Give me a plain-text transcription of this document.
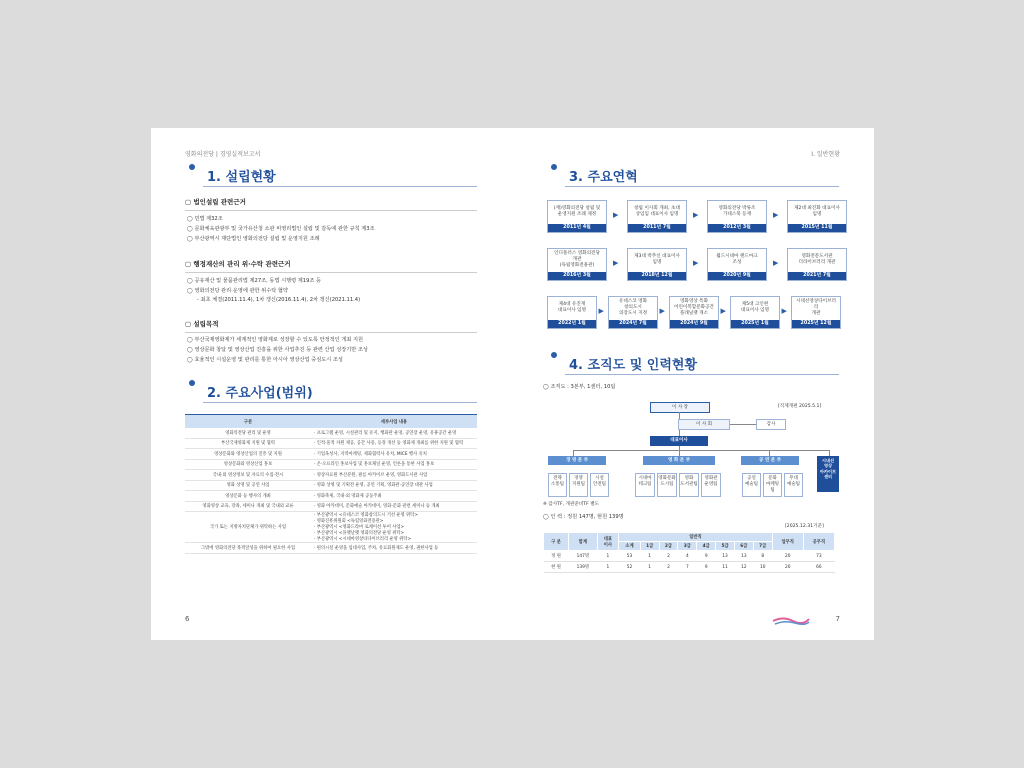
영화의전당 | 경영실적보고서
1. 설립현황
▢ 법인설립 관련근거
◯ 민법 제32조
◯ 문화체육관광부 및 국가유산청 소관 비영리법인 설립 및 감독에 관한 규칙 제3조
◯ 부산광역시 재단법인 영화의전당 설립 및 운영지원 조례
▢ 행정재산의 관리 위·수탁 관련근거
◯ 공유재산 및 물품관리법 제27조, 동법 시행령 제19조 등
◯ 영화의전당 관리·운영에 관한 위수탁 협약
- 최초 체결(2011.11.4), 1차 갱신(2016.11.4), 2차 갱신(2021.11.4)
▢ 설립목적
◯ 부산국제영화제가 세계적인 영화제로 성장할 수 있도록 안정적인 개최 지원
◯ 영상문화 창달 및 영상산업 진흥을 위한 사업추진 등 관련 산업 성장기반 조성
◯ 효율적인 시설운영 및 관리를 통한 아시아 영상산업 중심도시 조성
2. 주요사업(범위)
구분	세부사업 내용
영화의전당 관리 및 운영	· 프로그램 운영, 시설관리 및 유지, 행화관 운영, 공연장 운영, 유휴공간 운영
부산국제영화제 지원 및 협력	· 인적·물적 자원 제공, 공간 사용, 동경 개선 등 영화제 개최를 위한 지원 및 협력
영상문화와 영상산업의 진흥 및 지원	· 기업육성사, 지역마케팅, 제화협력사 유치, MICE 행사 유치
영상문화와 영상산업 홍보	· 온·오프라인 홍보사업 및 홍보채널 운영, 언론을 통한 사업 홍보
국내·외 영상정보 및 자료의 수집·전시	· 영상자료원 부산분원, 필름 아카이브 운영, 영화도서관 사업
영화 상영 및 공연 사업	· 영화 상영 및 기획전 운영, 공연 기획, 영화관·공연장 대관 사업
영상문화 등 행사의 개최	· 영화축제, 국내·외 영화제 공동주최
영화영상 교육, 강좌, 세미나 개최 및 국내외 교류	· 영화 아카데미, 문화예술 아카데미, 영화·문화 관련 세미나 등 개최
국가 또는 지방자치단체가 위탁하는 사업	· 부산광역시 <유네스코 영화창의도시 거선 운영 위탁>
· 영화진흥위원회 <독립영화전용관>
· 부산광역시 <영화드라마 로케이션 투어 사업>
· 부산광역시 <플랫날랫 영화의전당 운영 위탁>
· 부산광역시 <시네마영상타다이브러리 운영 위탁>
그밖에 영화의전당 목적달성을 위하여 필요한 사업	· 편의시설 운영을 임대사업, 주차, 유료회원제도 운영, 권한사업 등
6
I. 일반현황
3. 주요연혁
(재)영화의전당 설립 및
운영지원 조례 제정
2011년 4월
▶
창립 이사회 개최, 초대
상임임 대표이사 임명
2011년 7월
▶
영화의전당 박류조
가네스북 등재
2012년 3월
▶
제2대 최진화 대표이사
임명
2015년 11월
인디플러스 영화의전당
개관
(독립영화전용관)
2016년 3월
▶
제3대 박추신 대표이사
임명
2018년 12월
▶
월드시네마 랜드마크
조성
2020년 9월
▶
영화전문도서관
더라이브러리 개관
2021년 7월
제4대 유진재
대표이사 임명
2022년 1월
▶
유네스코 영화
창의도시
의장도시 지정
2024년 7월
▶
영화영상 특화
어린이복합문화공간
플래닐랫 개소
2024년 9월
▶
제5대 고인현
대표이사 임명
2025년 1월
▶
시네선영상다이브러리
개관
2025년 12월
4. 조직도 및 인력현황
◯ 조직도 : 3본부, 1센터, 10팀
[직제개편 2025.5.1]
이 사 장
이 사 회	감사
대표이사
경 영 본 부	영 화 본 부	공 연 본 부	시네선
영상
아카이브
센터
전략
소통팀
경영
지원팀
시설
안전팀
시네마
테크팀
영화문화
도시팀
영화
도서관팀
영화관
운영팀
공연
예술팀
문화
마케팅팀
무대
예술팀
※ 감사TF, 개관준비TF 별도
◯ 인 력 : 정원 147명, 현원 139명
[2025.12.31기준]
구 분	합계	대표
이사	일반직								업무직	공무직
			소계	1급	2급	3급	4급	5급	6급	7급		
정 원	147명	1	53	1	2	4	9	13	13	8	20	73
현 원	139명	1	52	1	2	7	9	11	12	10	20	66
7
